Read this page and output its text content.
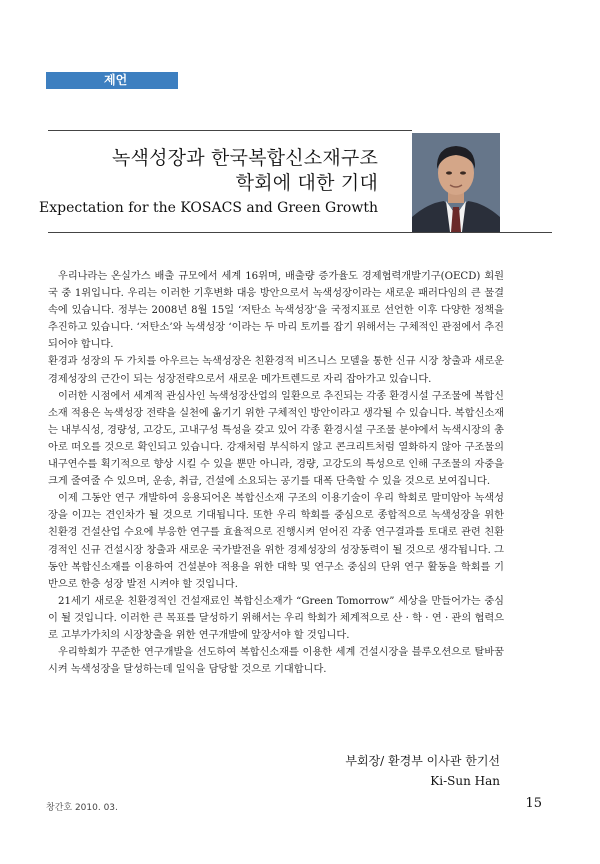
제언
녹색성장과 한국복합신소재구조
학회에 대한 기대
Expectation for the KOSACS and Green Growth

우리나라는 온실가스 배출 규모에서 세계 16위며, 배출량 증가율도 경제협력개발기구(OECD) 회원국 중 1위입니다. 우리는 이러한 기후변화 대응 방안으로서 녹색성장이라는 새로운 패러다임의 큰 물결 속에 있습니다. 정부는 2008년 8월 15일 ‘저탄소 녹색성장’을 국정지표로 선언한 이후 다양한 정책을 추진하고 있습니다. ‘저탄소’와 녹색성장 ‘이라는 두 마리 토끼를 잡기 위해서는 구체적인 관점에서 추진되어야 합니다.

환경과 성장의 두 가치를 아우르는 녹색성장은 친환경적 비즈니스 모델을 통한 신규 시장 창출과 새로운 경제성장의 근간이 되는 성장전략으로서 새로운 메가트렌드로 자리 잡아가고 있습니다.

이러한 시점에서 세계적 관심사인 녹색성장산업의 일환으로 추진되는 각종 환경시설 구조물에 복합신소재 적용은 녹색성장 전략을 실천에 옮기기 위한 구체적인 방안이라고 생각될 수 있습니다. 복합신소재는 내부식성, 경량성, 고강도, 고내구성 특성을 갖고 있어 각종 환경시설 구조물 분야에서 녹색시장의 총아로 떠오를 것으로 확인되고 있습니다. 강재처럼 부식하지 않고 콘크리트처럼 열화하지 않아 구조물의 내구연수를 획기적으로 향상 시킬 수 있을 뿐만 아니라, 경량, 고강도의 특성으로 인해 구조물의 자중을 크게 줄여줄 수 있으며, 운송, 취급, 건설에 소요되는 공기를 대폭 단축할 수 있을 것으로 보여집니다.

이제 그동안 연구 개발하여 응용되어온 복합신소재 구조의 이용기술이 우리 학회로 말미암아 녹색성장을 이끄는 견인차가 될 것으로 기대됩니다. 또한 우리 학회를 중심으로 종합적으로 녹색성장을 위한 친환경 건설산업 수요에 부응한 연구를 효율적으로 진행시켜 얻어진 각종 연구결과를 토대로 관련 친환경적인 신규 건설시장 창출과 새로운 국가발전을 위한 경제성장의 성장동력이 될 것으로 생각됩니다. 그동안 복합신소재를 이용하여 건설분야 적용을 위한 대학 및 연구소 중심의 단위 연구 활동을 학회를 기반으로 한층 성장 발전 시켜야 할 것입니다.

21세기 새로운 친환경적인 건설재료인 복합신소재가 “Green Tomorrow” 세상을 만들어가는 중심이 될 것입니다. 이러한 큰 목표를 달성하기 위해서는 우리 학회가 체계적으로 산 · 학 · 연 · 관의 협력으로 고부가가치의 시장창출을 위한 연구개발에 앞장서야 할 것입니다.

우리학회가 꾸준한 연구개발을 선도하여 복합신소재를 이용한 세계 건설시장을 블루오션으로 탈바꿈시켜 녹색성장을 달성하는데 일익을 담당할 것으로 기대합니다.

부회장/ 환경부 이사관 한기선
Ki-Sun Han
창간호 2010. 03.	15
